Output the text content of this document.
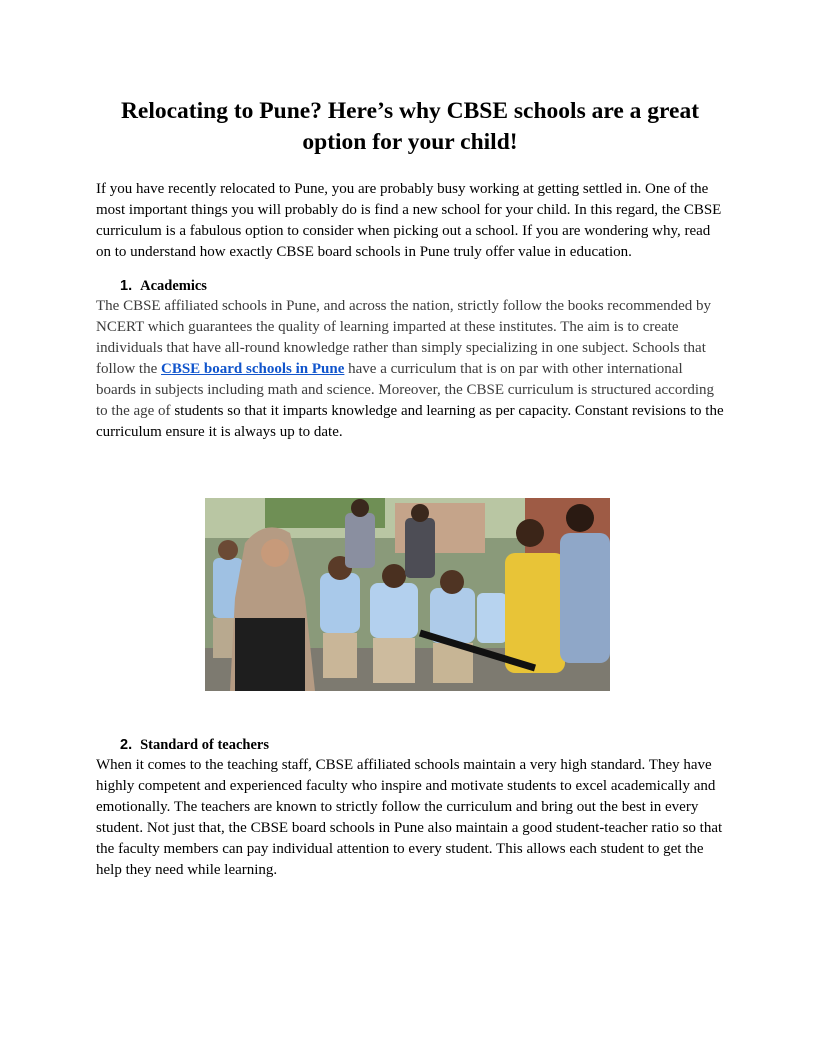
Relocating to Pune? Here’s why CBSE schools are a great option for your child!

If you have recently relocated to Pune, you are probably busy working at getting settled in. One of the most important things you will probably do is find a new school for your child. In this regard, the CBSE curriculum is a fabulous option to consider when picking out a school. If you are wondering why, read on to understand how exactly CBSE board schools in Pune truly offer value in education.

1. Academics

The CBSE affiliated schools in Pune, and across the nation, strictly follow the books recommended by NCERT which guarantees the quality of learning imparted at these institutes. The aim is to create individuals that have all-round knowledge rather than simply specializing in one subject. Schools that follow the CBSE board schools in Pune have a curriculum that is on par with other international boards in subjects including math and science. Moreover, the CBSE curriculum is structured according to the age of students so that it imparts knowledge and learning as per capacity. Constant revisions to the curriculum ensure it is always up to date.

2. Standard of teachers

When it comes to the teaching staff, CBSE affiliated schools maintain a very high standard. They have highly competent and experienced faculty who inspire and motivate students to excel academically and emotionally. The teachers are known to strictly follow the curriculum and bring out the best in every student. Not just that, the CBSE board schools in Pune also maintain a good student-teacher ratio so that the faculty members can pay individual attention to every student. This allows each student to get the help they need while learning.
